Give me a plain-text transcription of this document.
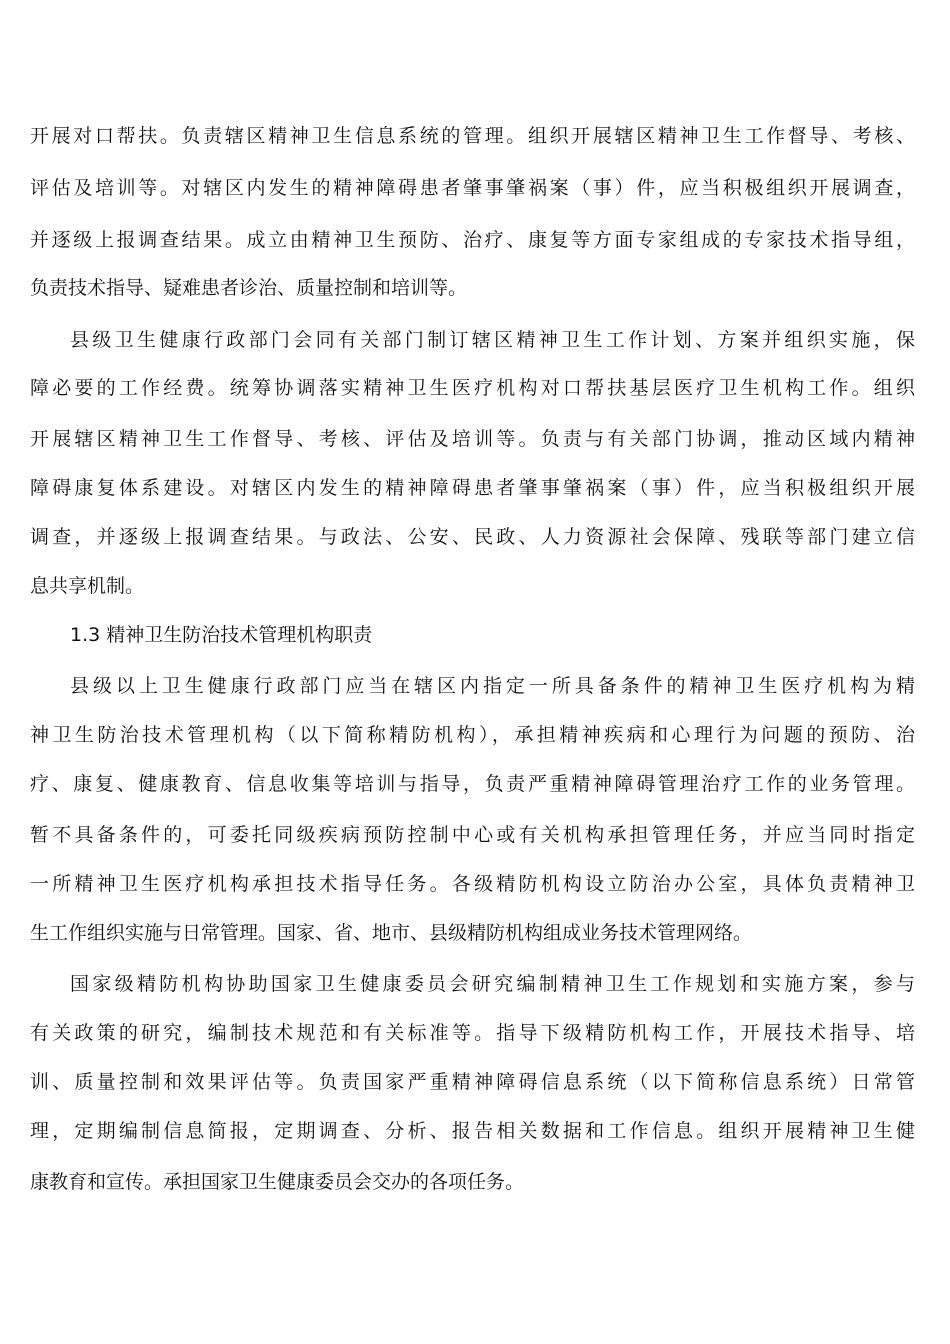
开展对口帮扶。负责辖区精神卫生信息系统的管理。组织开展辖区精神卫生工作督导、考核、
评估及培训等。对辖区内发生的精神障碍患者肇事肇祸案（事）件，应当积极组织开展调查，
并逐级上报调查结果。成立由精神卫生预防、治疗、康复等方面专家组成的专家技术指导组，
负责技术指导、疑难患者诊治、质量控制和培训等。
县级卫生健康行政部门会同有关部门制订辖区精神卫生工作计划、方案并组织实施，保
障必要的工作经费。统筹协调落实精神卫生医疗机构对口帮扶基层医疗卫生机构工作。组织
开展辖区精神卫生工作督导、考核、评估及培训等。负责与有关部门协调，推动区域内精神
障碍康复体系建设。对辖区内发生的精神障碍患者肇事肇祸案（事）件，应当积极组织开展
调查，并逐级上报调查结果。与政法、公安、民政、人力资源社会保障、残联等部门建立信
息共享机制。
1.3 精神卫生防治技术管理机构职责
县级以上卫生健康行政部门应当在辖区内指定一所具备条件的精神卫生医疗机构为精
神卫生防治技术管理机构（以下简称精防机构），承担精神疾病和心理行为问题的预防、治
疗、康复、健康教育、信息收集等培训与指导，负责严重精神障碍管理治疗工作的业务管理。
暂不具备条件的，可委托同级疾病预防控制中心或有关机构承担管理任务，并应当同时指定
一所精神卫生医疗机构承担技术指导任务。各级精防机构设立防治办公室，具体负责精神卫
生工作组织实施与日常管理。国家、省、地市、县级精防机构组成业务技术管理网络。
国家级精防机构协助国家卫生健康委员会研究编制精神卫生工作规划和实施方案，参与
有关政策的研究，编制技术规范和有关标准等。指导下级精防机构工作，开展技术指导、培
训、质量控制和效果评估等。负责国家严重精神障碍信息系统（以下简称信息系统）日常管
理，定期编制信息简报，定期调查、分析、报告相关数据和工作信息。组织开展精神卫生健
康教育和宣传。承担国家卫生健康委员会交办的各项任务。
